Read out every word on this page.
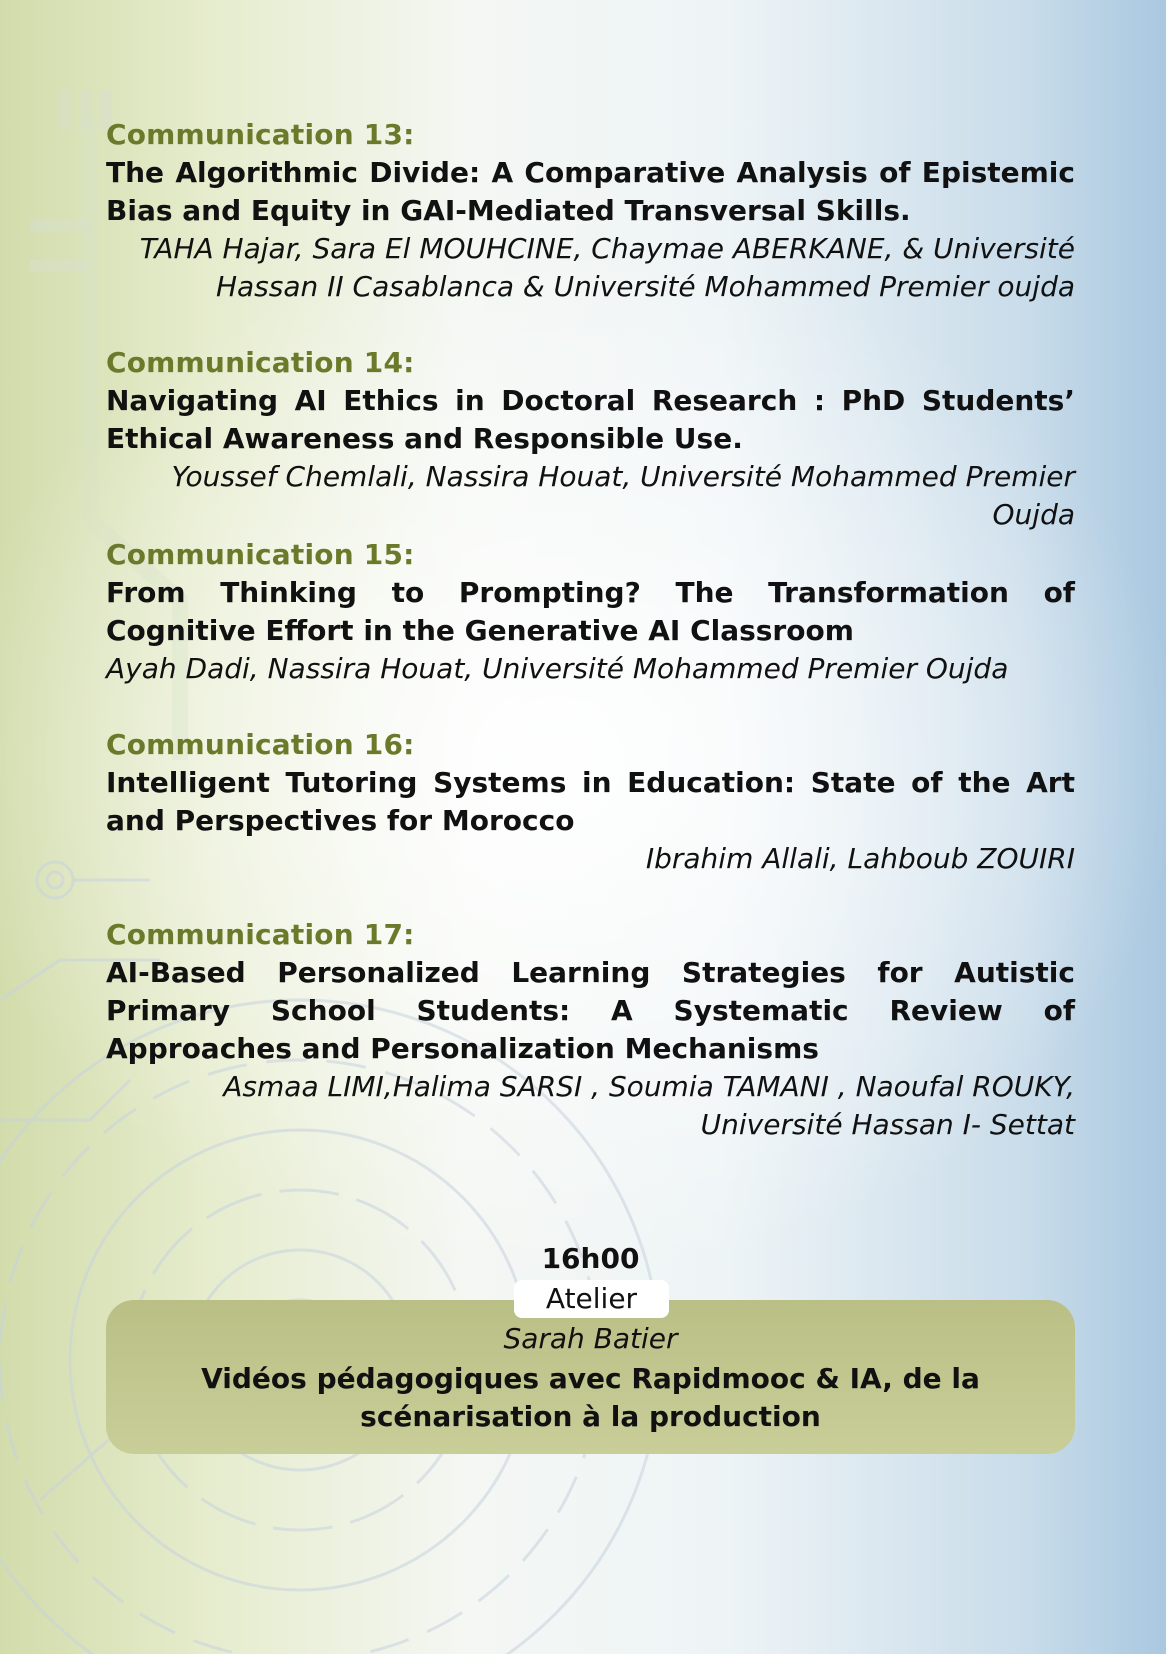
Communication 13:
The Algorithmic Divide: A Comparative Analysis of Epistemic Bias and Equity in GAI-Mediated Transversal Skills.
TAHA Hajar, Sara El MOUHCINE, Chaymae ABERKANE, & Université Hassan II Casablanca & Université Mohammed Premier oujda
Communication 14:
Navigating AI Ethics in Doctoral Research : PhD Students’ Ethical Awareness and Responsible Use.
Youssef Chemlali, Nassira Houat, Université Mohammed Premier Oujda
Communication 15:
From Thinking to Prompting? The Transformation of Cognitive Effort in the Generative AI Classroom
Ayah Dadi, Nassira Houat, Université Mohammed Premier Oujda
Communication 16:
Intelligent Tutoring Systems in Education: State of the Art and Perspectives for Morocco
Ibrahim Allali, Lahboub ZOUIRI
Communication 17:
AI-Based Personalized Learning Strategies for Autistic Primary School Students: A Systematic Review of Approaches and Personalization Mechanisms
Asmaa LIMI,Halima SARSI , Soumia TAMANI , Naoufal ROUKY, Université Hassan I- Settat
16h00
Atelier
Sarah Batier
Vidéos pédagogiques avec Rapidmooc & IA, de la scénarisation à la production
